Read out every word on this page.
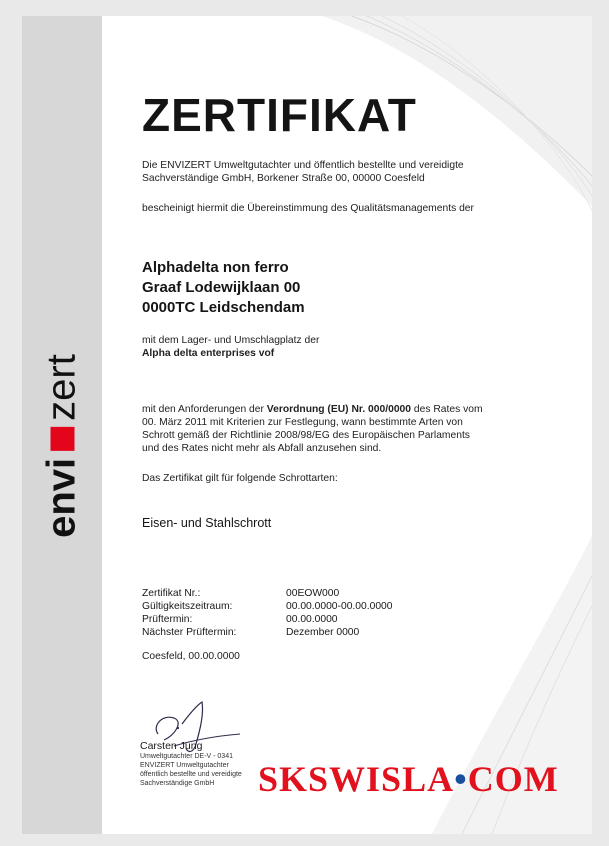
envi
zert
ZERTIFIKAT
Die ENVIZERT Umweltgutachter und öffentlich bestellte und vereidigte
Sachverständige GmbH, Borkener Straße 00, 00000 Coesfeld
bescheinigt hiermit die Übereinstimmung des Qualitätsmanagements der
Alphadelta non ferro
Graaf Lodewijklaan 00
0000TC Leidschendam
mit dem Lager- und Umschlagplatz der
Alpha delta enterprises vof
mit den Anforderungen der Verordnung (EU) Nr. 000/0000 des Rates vom
00. März 2011 mit Kriterien zur Festlegung, wann bestimmte Arten von
Schrott gemäß der Richtlinie 2008/98/EG des Europäischen Parlaments
und des Rates nicht mehr als Abfall anzusehen sind.
Das Zertifikat gilt für folgende Schrottarten:
Eisen- und Stahlschrott
Zertifikat Nr.:	00EOW000
Gültigkeitszeitraum:	00.00.0000-00.00.0000
Prüftermin:	00.00.0000
Nächster Prüftermin:	Dezember 0000
Coesfeld, 00.00.0000
Carsten Jung
Umweltgutachter DE-V - 0341
ENVIZERT Umweltgutachter
öffentlich bestellte und vereidigte
Sachverständige GmbH	SKSWISLA•COM
